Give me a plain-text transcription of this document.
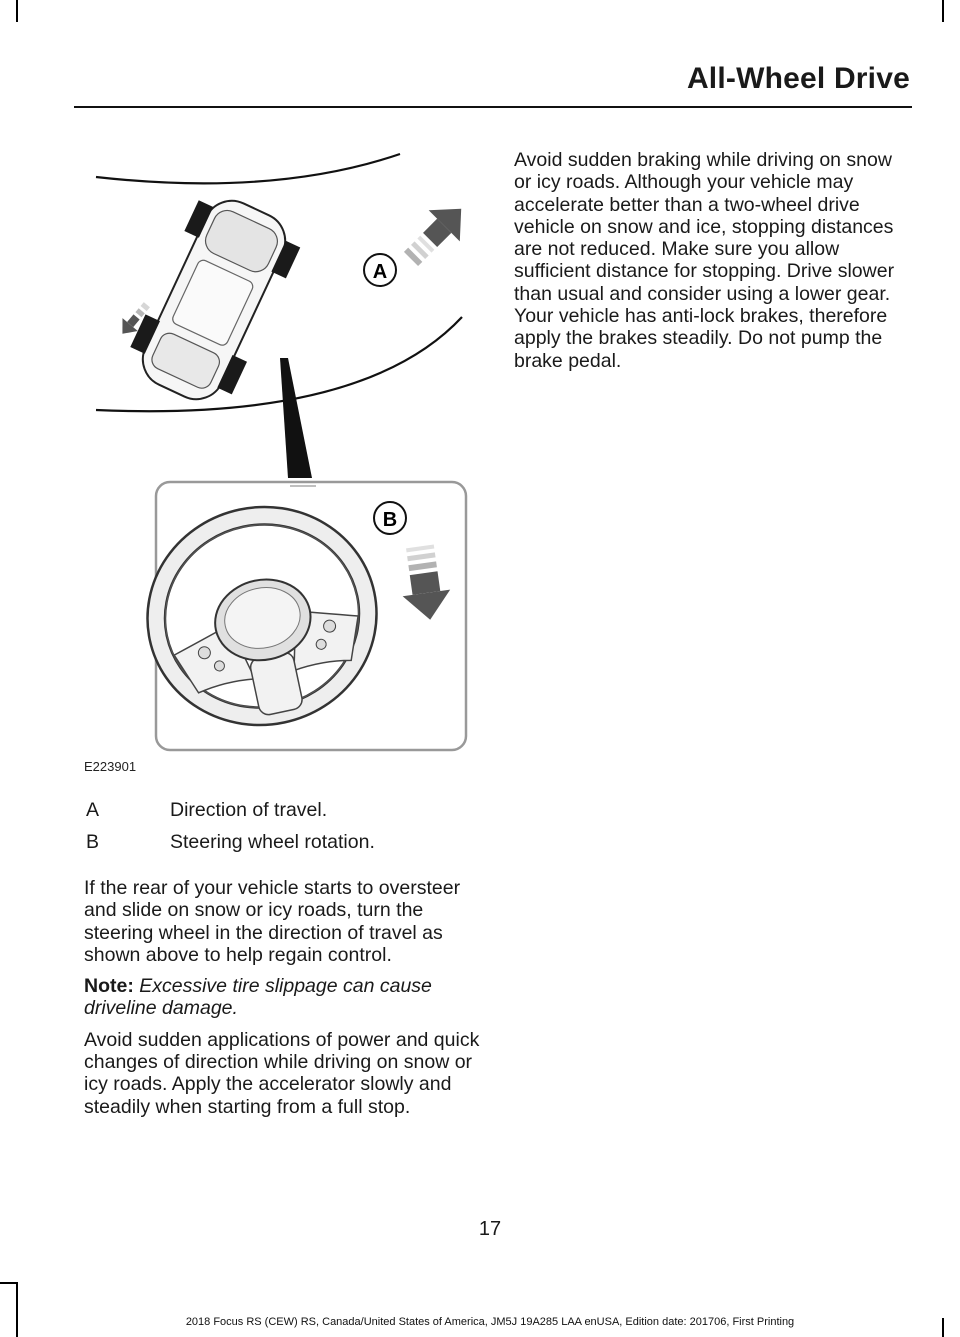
All-Wheel Drive
A
B
E223901
A	Direction of travel.
B	Steering wheel rotation.

If the rear of your vehicle starts to oversteer and slide on snow or icy roads, turn the steering wheel in the direction of travel as shown above to help regain control.

Note: Excessive tire slippage can cause driveline damage.

Avoid sudden applications of power and quick changes of direction while driving on snow or icy roads. Apply the accelerator slowly and steadily when starting from a full stop.

Avoid sudden braking while driving on snow or icy roads. Although your vehicle may accelerate better than a two-wheel drive vehicle on snow and ice, stopping distances are not reduced. Make sure you allow sufficient distance for stopping. Drive slower than usual and consider using a lower gear. Your vehicle has anti-lock brakes, therefore apply the brakes steadily. Do not pump the brake pedal.

17
2018 Focus RS (CEW) RS, Canada/United States of America, JM5J 19A285 LAA enUSA, Edition date: 201706, First Printing
